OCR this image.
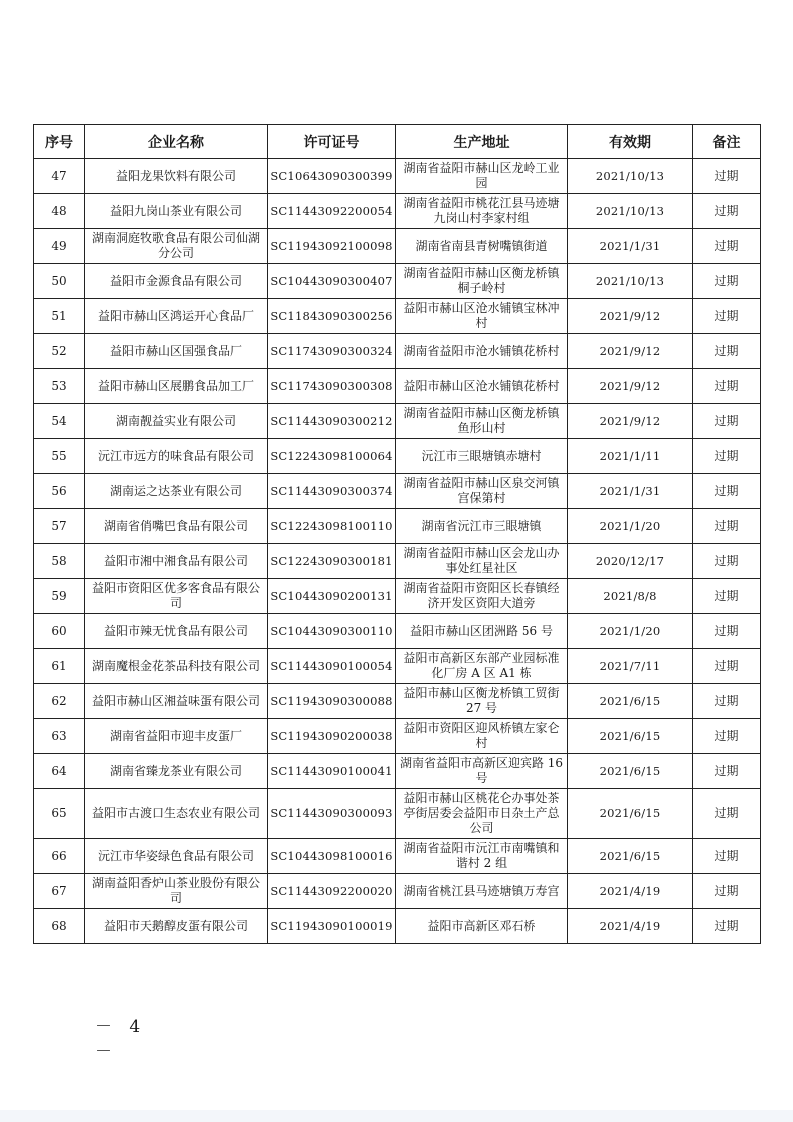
序号	企业名称	许可证号	生产地址	有效期	备注
47	益阳龙果饮料有限公司	SC10643090300399	湖南省益阳市赫山区龙岭工业园	2021/10/13	过期
48	益阳九岗山茶业有限公司	SC11443092200054	湖南省益阳市桃花江县马迹塘九岗山村李家村组	2021/10/13	过期
49	湖南洞庭牧歌食品有限公司仙湖分公司	SC11943092100098	湖南省南县青树嘴镇街道	2021/1/31	过期
50	益阳市金源食品有限公司	SC10443090300407	湖南省益阳市赫山区衡龙桥镇桐子岭村	2021/10/13	过期
51	益阳市赫山区鸿运开心食品厂	SC11843090300256	益阳市赫山区沧水铺镇宝林冲村	2021/9/12	过期
52	益阳市赫山区国强食品厂	SC11743090300324	湖南省益阳市沧水铺镇花桥村	2021/9/12	过期
53	益阳市赫山区展鹏食品加工厂	SC11743090300308	益阳市赫山区沧水铺镇花桥村	2021/9/12	过期
54	湖南靓益实业有限公司	SC11443090300212	湖南省益阳市赫山区衡龙桥镇鱼形山村	2021/9/12	过期
55	沅江市远方的味食品有限公司	SC12243098100064	沅江市三眼塘镇赤塘村	2021/1/11	过期
56	湖南运之达茶业有限公司	SC11443090300374	湖南省益阳市赫山区泉交河镇宫保第村	2021/1/31	过期
57	湖南省俏嘴巴食品有限公司	SC12243098100110	湖南省沅江市三眼塘镇	2021/1/20	过期
58	益阳市湘中湘食品有限公司	SC12243090300181	湖南省益阳市赫山区会龙山办事处红星社区	2020/12/17	过期
59	益阳市资阳区优多客食品有限公司	SC10443090200131	湖南省益阳市资阳区长春镇经济开发区资阳大道旁	2021/8/8	过期
60	益阳市辣无忧食品有限公司	SC10443090300110	益阳市赫山区团洲路 56 号	2021/1/20	过期
61	湖南魔根金花茶品科技有限公司	SC11443090100054	益阳市高新区东部产业园标准化厂房 A 区 A1 栋	2021/7/11	过期
62	益阳市赫山区湘益味蛋有限公司	SC11943090300088	益阳市赫山区衡龙桥镇工贸街27 号	2021/6/15	过期
63	湖南省益阳市迎丰皮蛋厂	SC11943090200038	益阳市资阳区迎风桥镇左家仑村	2021/6/15	过期
64	湖南省臻龙茶业有限公司	SC11443090100041	湖南省益阳市高新区迎宾路 16号	2021/6/15	过期
65	益阳市古渡口生态农业有限公司	SC11443090300093	益阳市赫山区桃花仑办事处茶亭街居委会益阳市日杂土产总公司	2021/6/15	过期
66	沅江市华姿绿色食品有限公司	SC10443098100016	湖南省益阳市沅江市南嘴镇和谐村 2 组	2021/6/15	过期
67	湖南益阳香炉山茶业股份有限公司	SC11443092200020	湖南省桃江县马迹塘镇万寿宫	2021/4/19	过期
68	益阳市天鹅醇皮蛋有限公司	SC11943090100019	益阳市高新区邓石桥	2021/4/19	过期
－ 4 －
